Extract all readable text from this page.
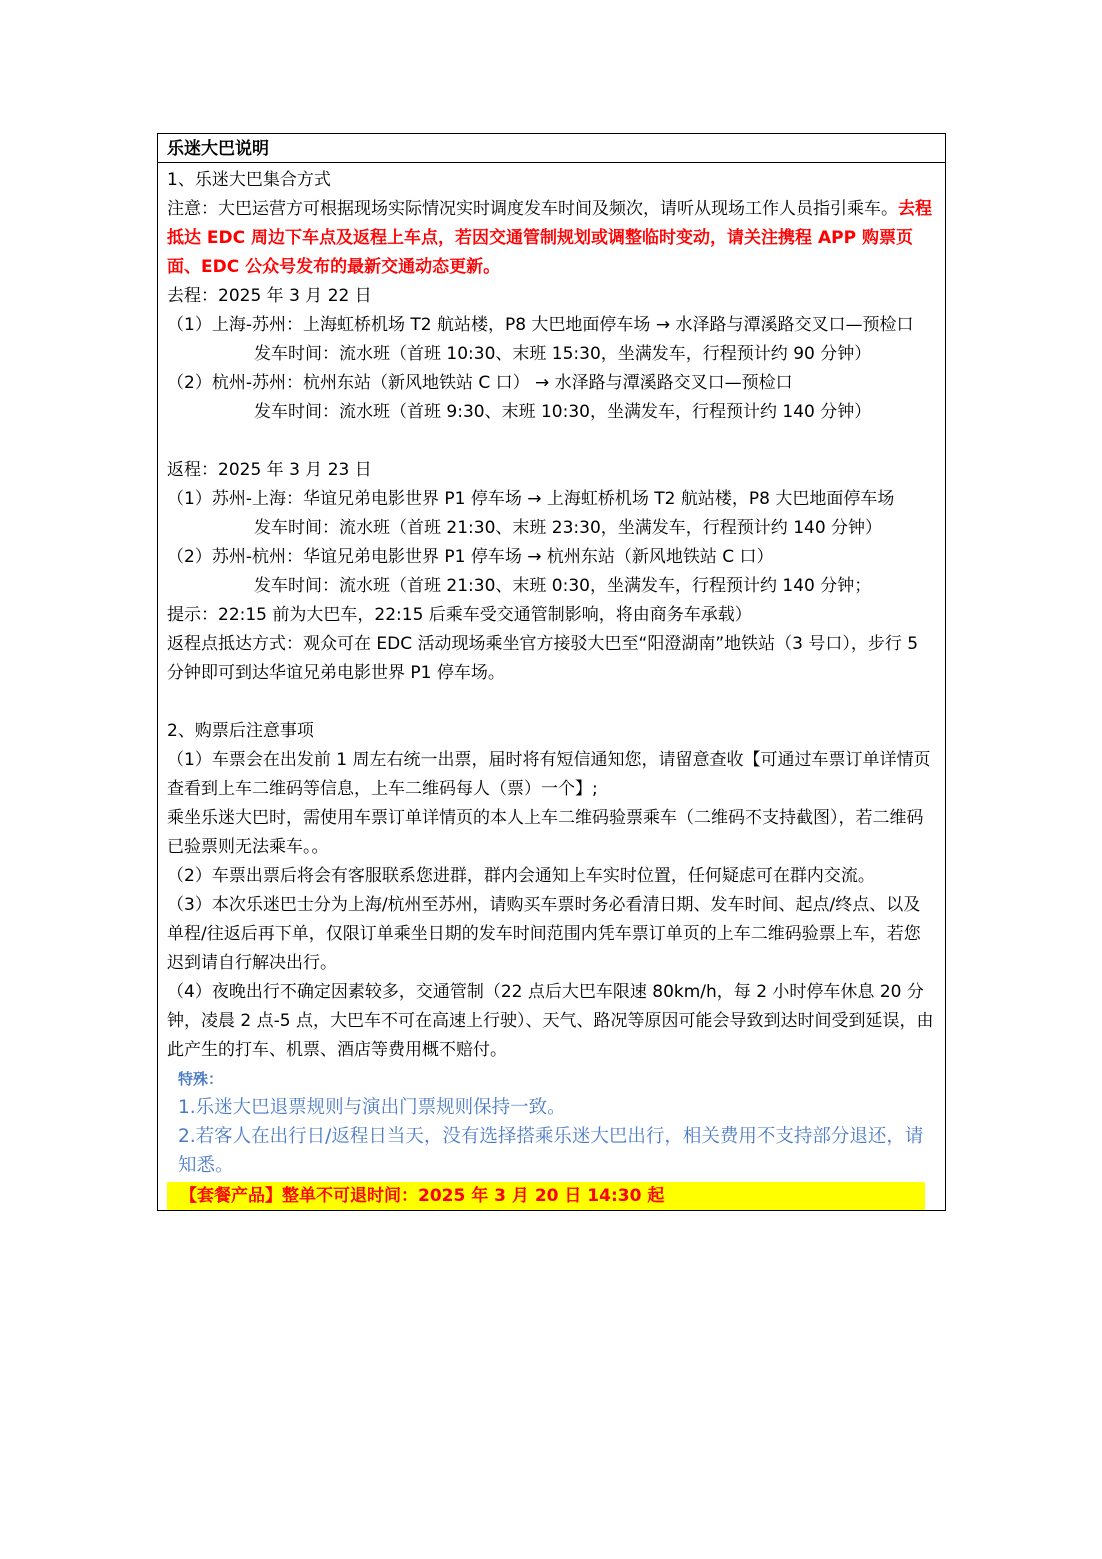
乐迷大巴说明
1、乐迷大巴集合方式
注意：大巴运营方可根据现场实际情况实时调度发车时间及频次，请听从现场工作人员指引乘车。去程抵达 EDC 周边下车点及返程上车点，若因交通管制规划或调整临时变动，请关注携程 APP 购票页面、EDC 公众号发布的最新交通动态更新。
去程：2025 年 3 月 22 日
（1）上海-苏州：上海虹桥机场 T2 航站楼，P8 大巴地面停车场 → 水泽路与潭溪路交叉口—预检口
发车时间：流水班（首班 10:30、末班 15:30，坐满发车，行程预计约 90 分钟）
（2）杭州-苏州：杭州东站（新风地铁站 C 口） → 水泽路与潭溪路交叉口—预检口
发车时间：流水班（首班 9:30、末班 10:30，坐满发车，行程预计约 140 分钟）
返程：2025 年 3 月 23 日
（1）苏州-上海：华谊兄弟电影世界 P1 停车场 → 上海虹桥机场 T2 航站楼，P8 大巴地面停车场
发车时间：流水班（首班 21:30、末班 23:30，坐满发车，行程预计约 140 分钟）
（2）苏州-杭州：华谊兄弟电影世界 P1 停车场 → 杭州东站（新风地铁站 C 口）
发车时间：流水班（首班 21:30、末班 0:30，坐满发车，行程预计约 140 分钟；
提示：22:15 前为大巴车，22:15 后乘车受交通管制影响，将由商务车承载）
返程点抵达方式：观众可在 EDC 活动现场乘坐官方接驳大巴至“阳澄湖南”地铁站（3 号口），步行 5 分钟即可到达华谊兄弟电影世界 P1 停车场。
2、购票后注意事项
（1）车票会在出发前 1 周左右统一出票，届时将有短信通知您，请留意查收【可通过车票订单详情页查看到上车二维码等信息，上车二维码每人（票）一个】;
乘坐乐迷大巴时，需使用车票订单详情页的本人上车二维码验票乘车（二维码不支持截图），若二维码已验票则无法乘车。。
（2）车票出票后将会有客服联系您进群，群内会通知上车实时位置，任何疑虑可在群内交流。
（3）本次乐迷巴士分为上海/杭州至苏州，请购买车票时务必看清日期、发车时间、起点/终点、以及单程/往返后再下单，仅限订单乘坐日期的发车时间范围内凭车票订单页的上车二维码验票上车，若您迟到请自行解决出行。
（4）夜晚出行不确定因素较多，交通管制（22 点后大巴车限速 80km/h，每 2 小时停车休息 20 分钟，凌晨 2 点-5 点，大巴车不可在高速上行驶）、天气、路况等原因可能会导致到达时间受到延误，由此产生的打车、机票、酒店等费用概不赔付。
特殊：
1.乐迷大巴退票规则与演出门票规则保持一致。
2.若客人在出行日/返程日当天，没有选择搭乘乐迷大巴出行，相关费用不支持部分退还，请知悉。
【套餐产品】整单不可退时间：2025 年 3 月 20 日 14:30 起
